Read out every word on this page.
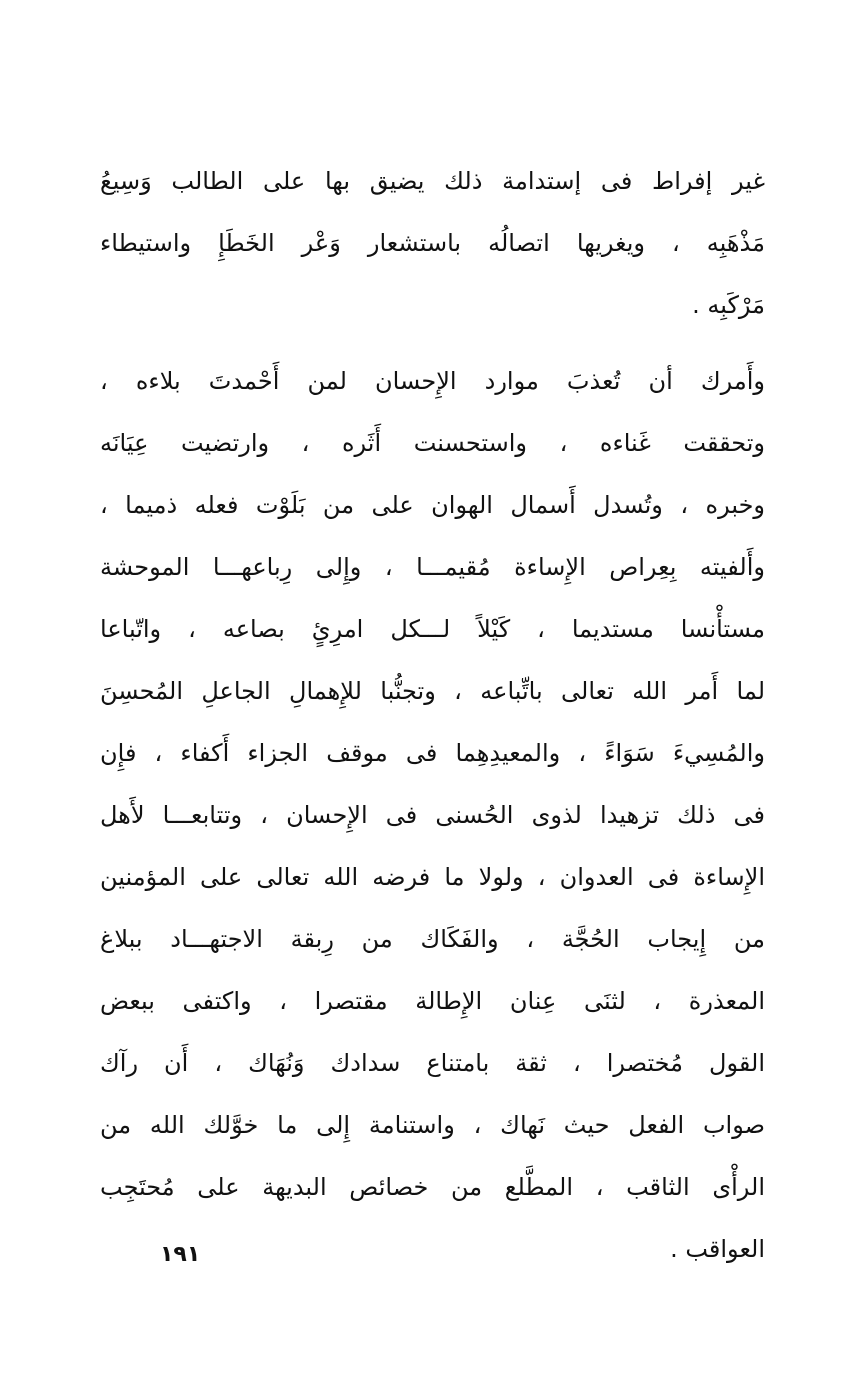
غير إفراط فى إستدامة ذلك يضيق بها على الطالب وَسِيعُ
مَذْهَبِه ، ويغريها اتصالُه باستشعار وَعْر الخَطَإِ واستيطاء
مَرْكَبِه .
وأَمرك أن تُعذبَ موارد الإِحسان لمن أَحْمدتَ بلاءه ،
وتحققت غَناءه ، واستحسنت أَثَره ، وارتضيت عِيَانَه
وخبره ، وتُسدل أَسمال الهوان على من بَلَوْت فعله ذميما ،
وأَلفيته بِعِراص الإِساءة مُقيمـــا ، وإِلى رِباعهـــا الموحشة
مستأْنسا مستديما ، كَيْلاً لـــكل امرِئٍ بصاعه ، واتّباعا
لما أَمر الله تعالى باتِّباعه ، وتجنُّبا للإِهمالِ الجاعلِ المُحسِنَ
والمُسِيءَ سَوَاءً ، والمعيدِهِما فى موقف الجزاء أَكفاء ، فإِن
فى ذلك تزهيدا لذوى الحُسنى فى الإِحسان ، وتتابعـــا لأَهل
الإِساءة فى العدوان ، ولولا ما فرضه الله تعالى على المؤمنين
من إِيجاب الحُجَّة ، والفَكَاك من رِبقة الاجتهـــاد ببلاغ
المعذرة ، لثنَى عِنان الإِطالة مقتصرا ، واكتفى ببعض
القول مُختصرا ، ثقة بامتناع سدادك وَنُهَاك ، أَن رآك
صواب الفعل حيث نَهاك ، واستنامة إِلى ما خوَّلك الله من
الرأْى الثاقب ، المطَّلع من خصائص البديهة على مُحتَجِب
العواقب .
١٩١
